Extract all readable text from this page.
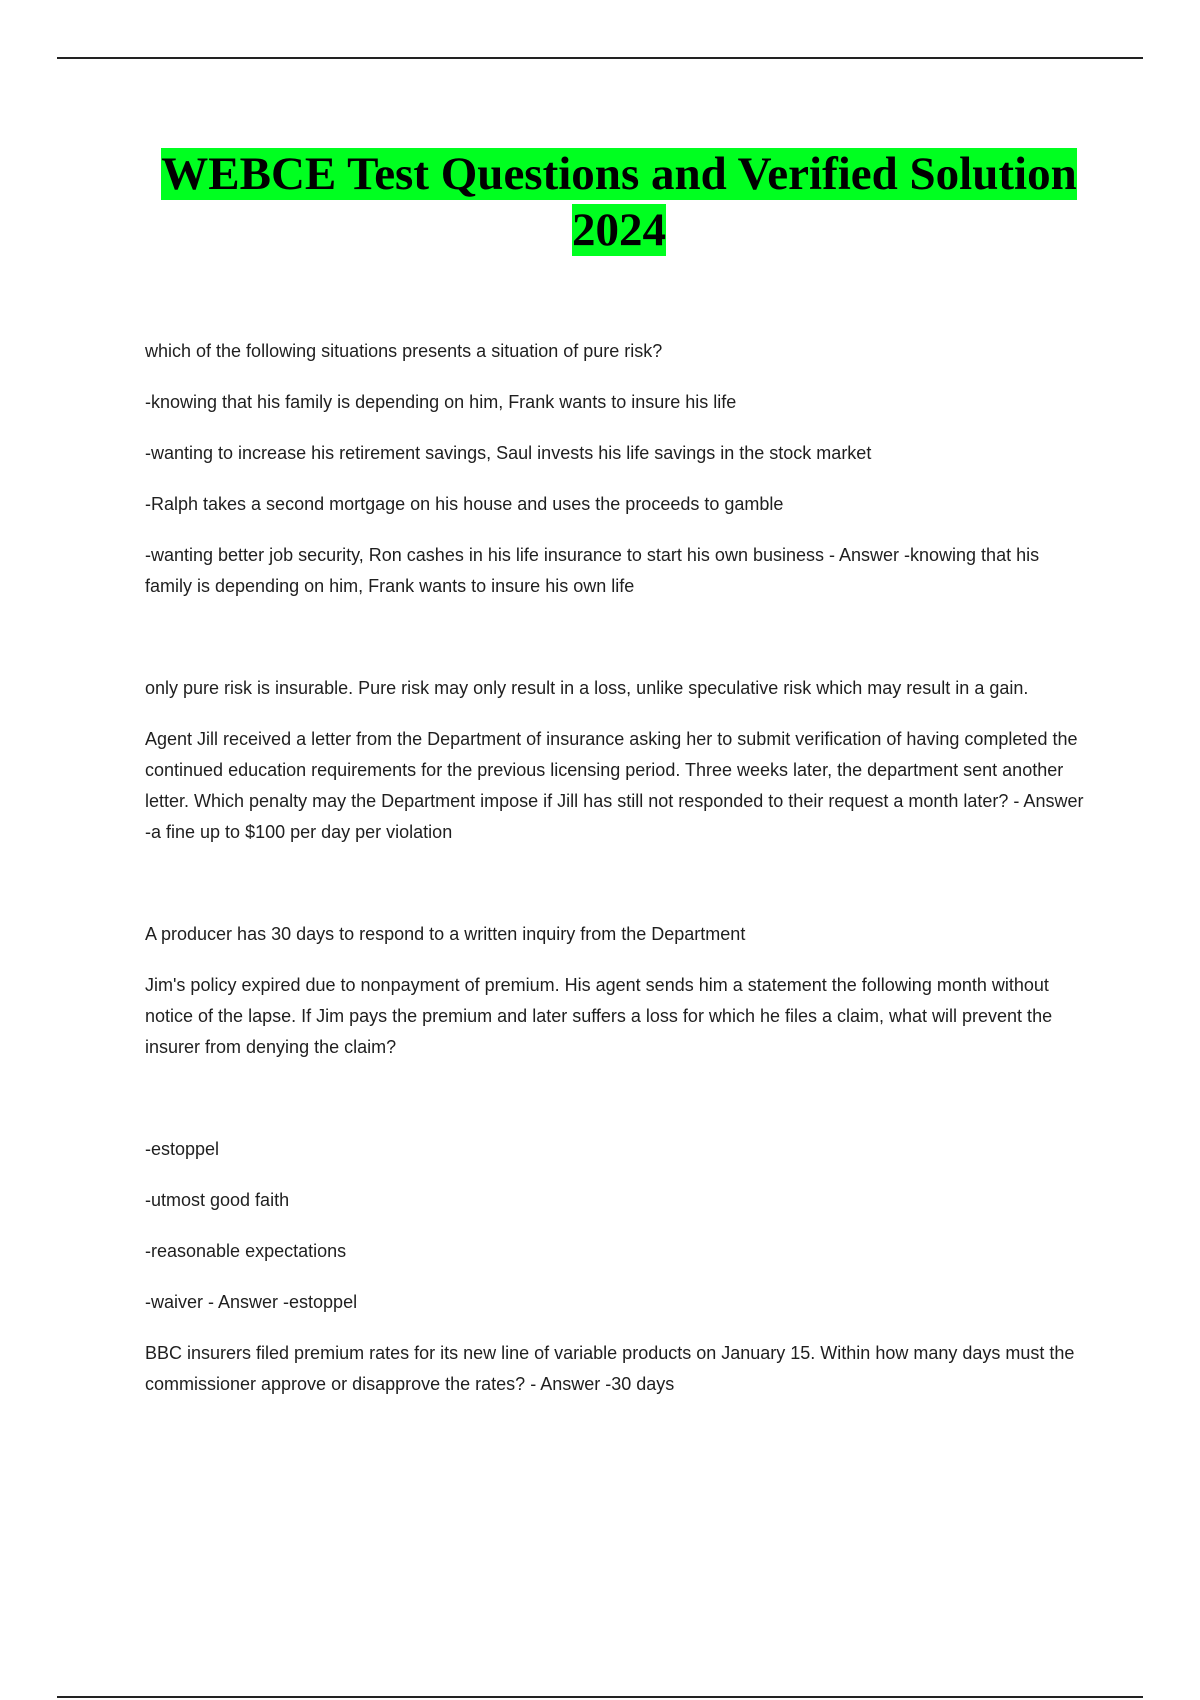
WEBCE Test Questions and Verified Solution 2024

which of the following situations presents a situation of pure risk?

-knowing that his family is depending on him, Frank wants to insure his life

-wanting to increase his retirement savings, Saul invests his life savings in the stock market

-Ralph takes a second mortgage on his house and uses the proceeds to gamble

-wanting better job security, Ron cashes in his life insurance to start his own business - Answer -knowing that his family is depending on him, Frank wants to insure his own life

only pure risk is insurable. Pure risk may only result in a loss, unlike speculative risk which may result in a gain.

Agent Jill received a letter from the Department of insurance asking her to submit verification of having completed the continued education requirements for the previous licensing period. Three weeks later, the department sent another letter. Which penalty may the Department impose if Jill has still not responded to their request a month later? - Answer -a fine up to $100 per day per violation

A producer has 30 days to respond to a written inquiry from the Department

Jim's policy expired due to nonpayment of premium. His agent sends him a statement the following month without notice of the lapse. If Jim pays the premium and later suffers a loss for which he files a claim, what will prevent the insurer from denying the claim?

-estoppel

-utmost good faith

-reasonable expectations

-waiver - Answer -estoppel

BBC insurers filed premium rates for its new line of variable products on January 15. Within how many days must the commissioner approve or disapprove the rates? - Answer -30 days
